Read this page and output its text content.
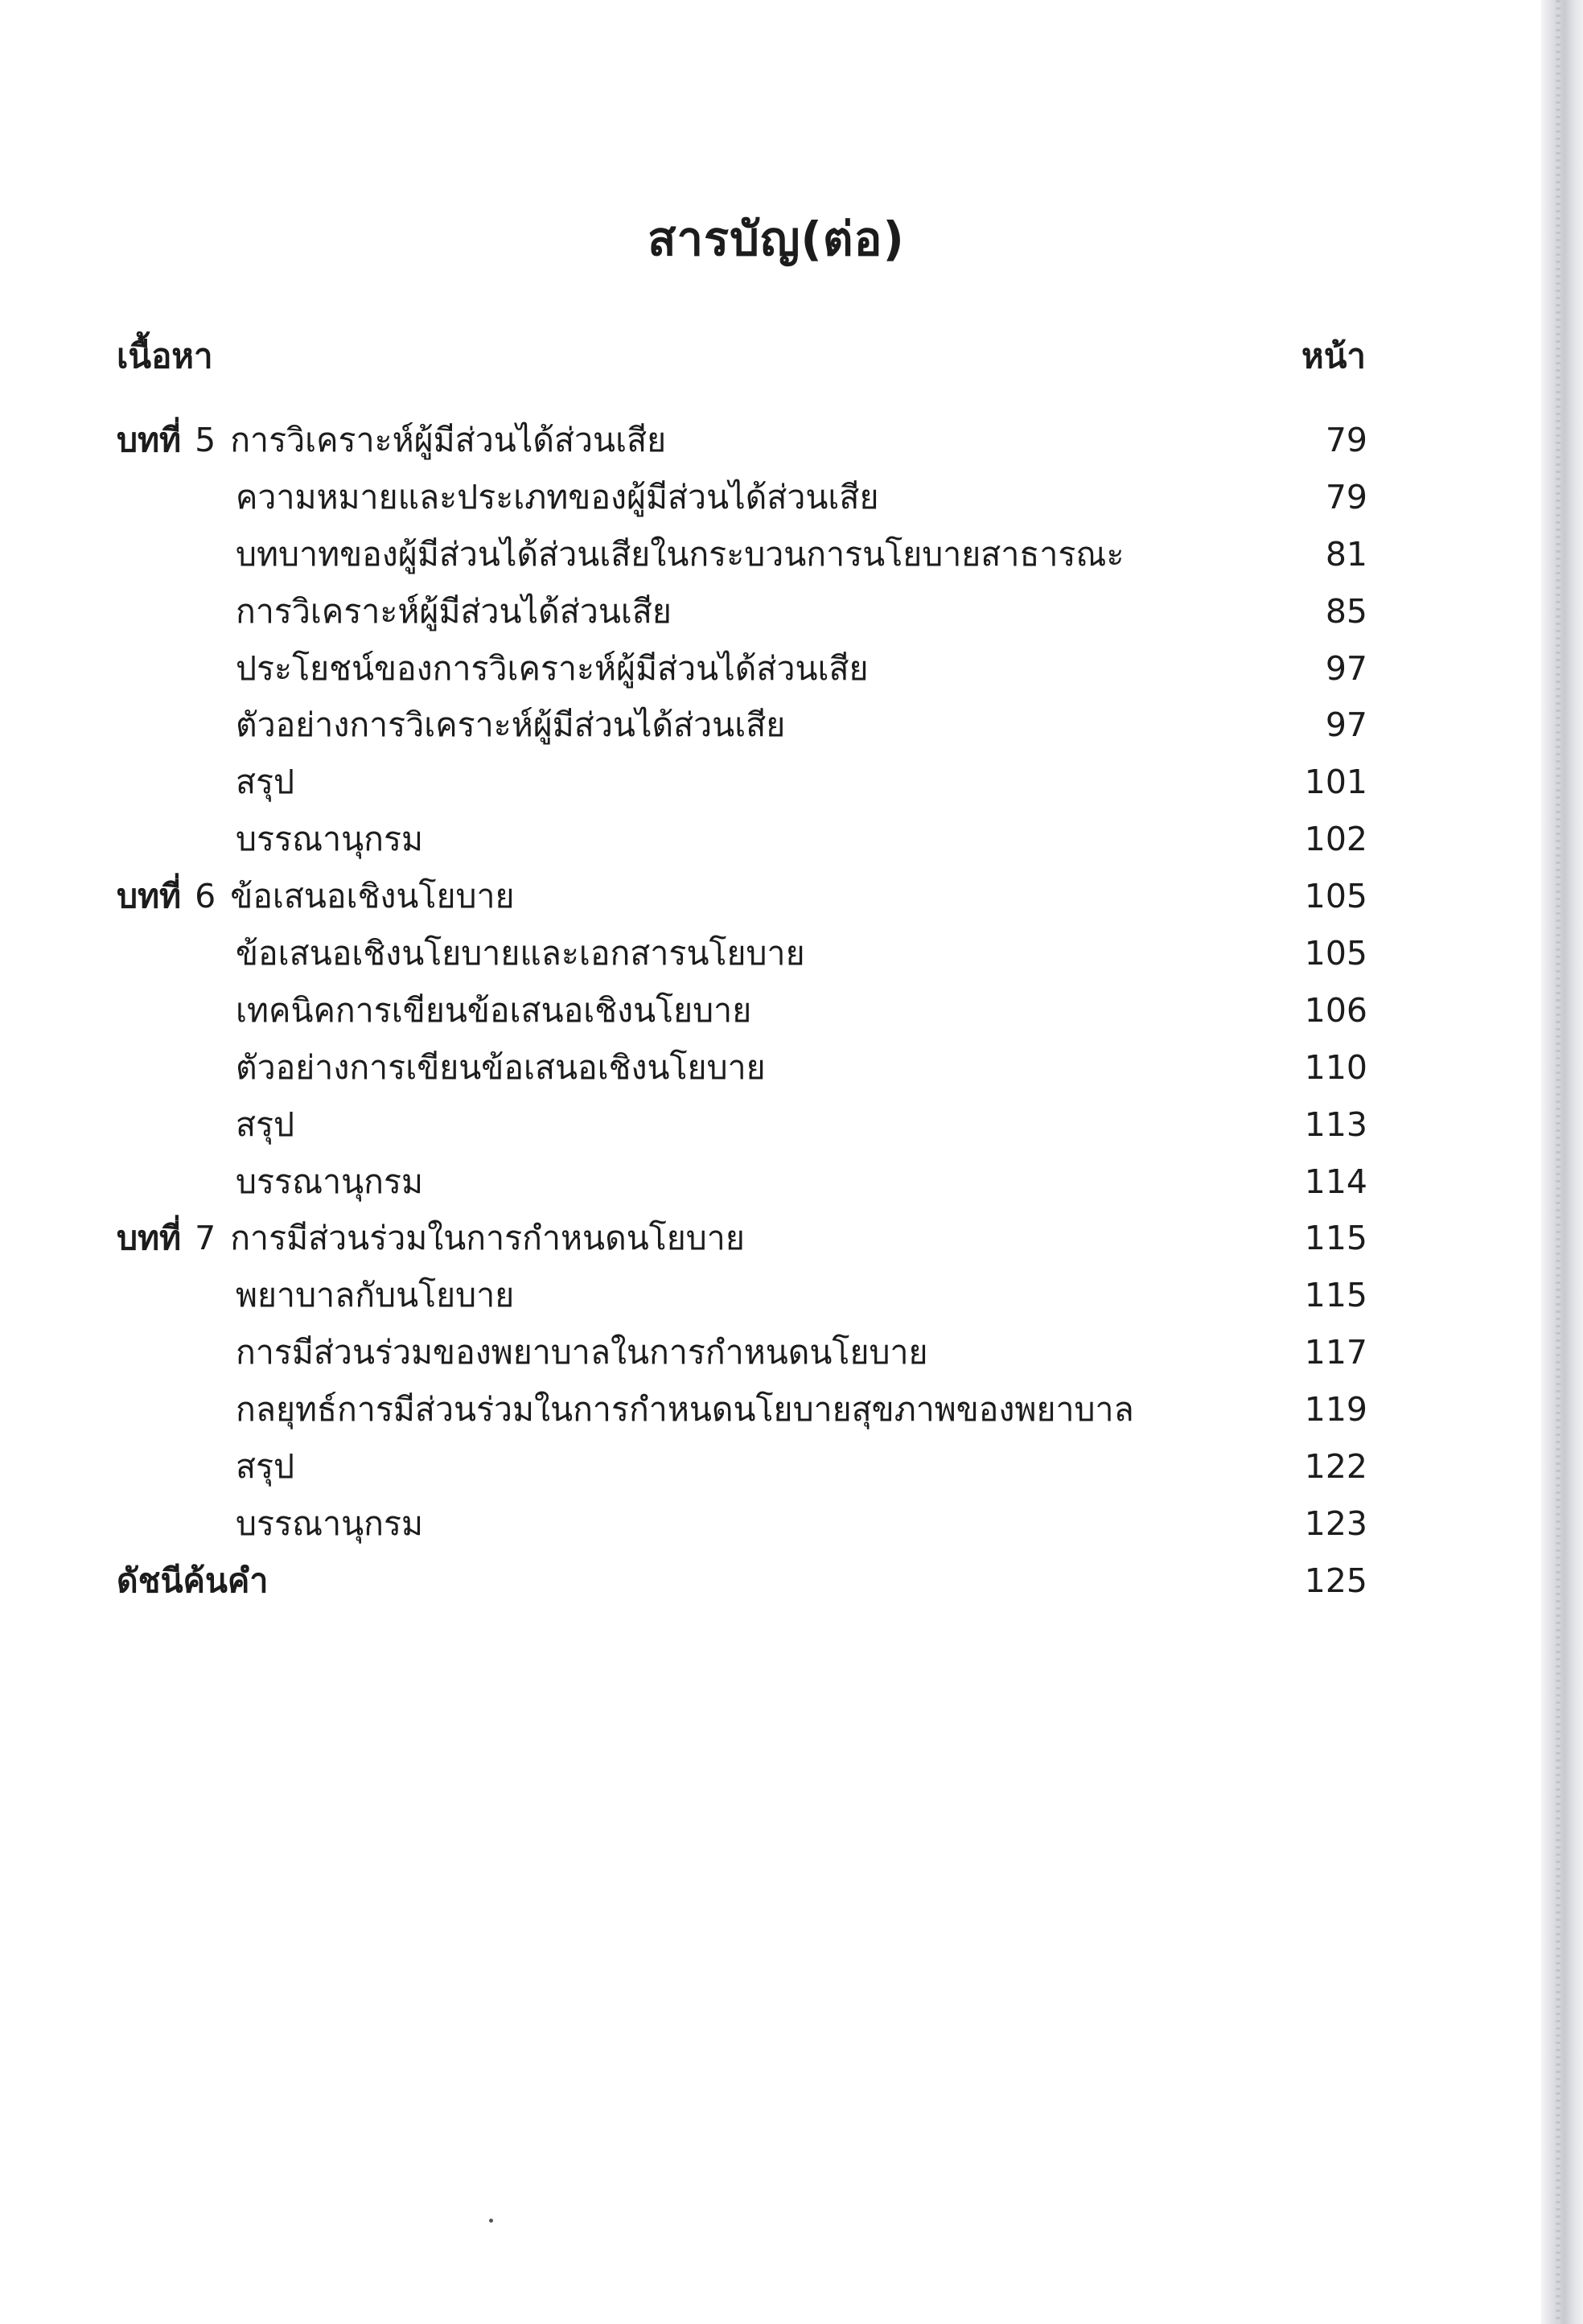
สารบัญ(ต่อ)
เนื้อหา	หน้า
บทที่ 5 การวิเคราะห์ผู้มีส่วนได้ส่วนเสีย	79
ความหมายและประเภทของผู้มีส่วนได้ส่วนเสีย	79
บทบาทของผู้มีส่วนได้ส่วนเสียในกระบวนการนโยบายสาธารณะ	81
การวิเคราะห์ผู้มีส่วนได้ส่วนเสีย	85
ประโยชน์ของการวิเคราะห์ผู้มีส่วนได้ส่วนเสีย	97
ตัวอย่างการวิเคราะห์ผู้มีส่วนได้ส่วนเสีย	97
สรุป	101
บรรณานุกรม	102
บทที่ 6 ข้อเสนอเชิงนโยบาย	105
ข้อเสนอเชิงนโยบายและเอกสารนโยบาย	105
เทคนิคการเขียนข้อเสนอเชิงนโยบาย	106
ตัวอย่างการเขียนข้อเสนอเชิงนโยบาย	110
สรุป	113
บรรณานุกรม	114
บทที่ 7 การมีส่วนร่วมในการกำหนดนโยบาย	115
พยาบาลกับนโยบาย	115
การมีส่วนร่วมของพยาบาลในการกำหนดนโยบาย	117
กลยุทธ์การมีส่วนร่วมในการกำหนดนโยบายสุขภาพของพยาบาล	119
สรุป	122
บรรณานุกรม	123
ดัชนีค้นคำ	125
